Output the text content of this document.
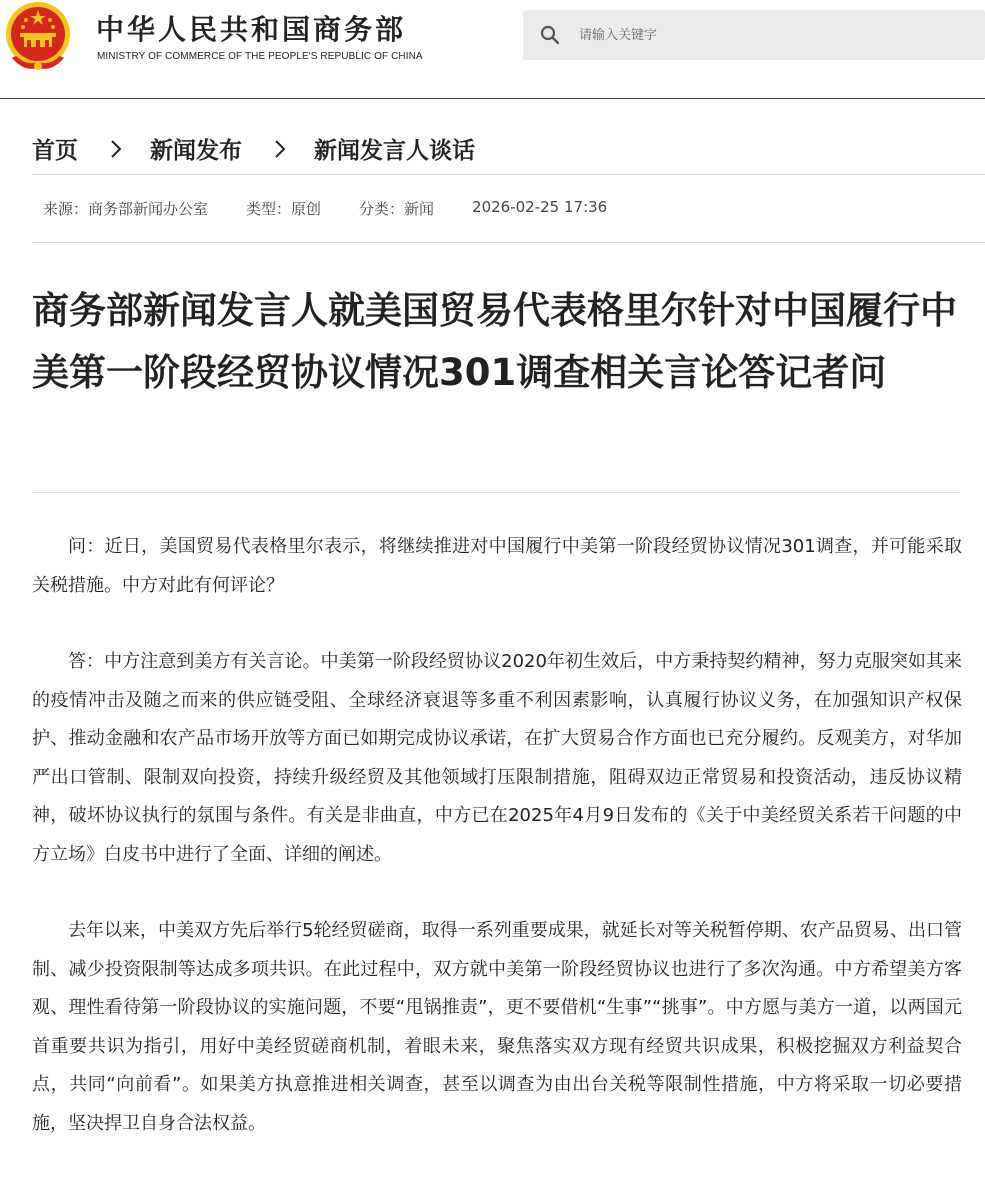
中华人民共和国商务部
MINISTRY OF COMMERCE OF THE PEOPLE'S REPUBLIC OF CHINA
请输入关键字
首页	新闻发布	新闻发言人谈话
来源：商务部新闻办公室	类型：原创	分类：新闻	2026-02-25 17:36
商务部新闻发言人就美国贸易代表格里尔针对中国履行中美第一阶段经贸协议情况301调查相关言论答记者问

问：近日，美国贸易代表格里尔表示，将继续推进对中国履行中美第一阶段经贸协议情况301调查，并可能采取关税措施。中方对此有何评论？

答：中方注意到美方有关言论。中美第一阶段经贸协议2020年初生效后，中方秉持契约精神，努力克服突如其来的疫情冲击及随之而来的供应链受阻、全球经济衰退等多重不利因素影响，认真履行协议义务，在加强知识产权保护、推动金融和农产品市场开放等方面已如期完成协议承诺，在扩大贸易合作方面也已充分履约。反观美方，对华加严出口管制、限制双向投资，持续升级经贸及其他领域打压限制措施，阻碍双边正常贸易和投资活动，违反协议精神，破坏协议执行的氛围与条件。有关是非曲直，中方已在2025年4月9日发布的《关于中美经贸关系若干问题的中方立场》白皮书中进行了全面、详细的阐述。

去年以来，中美双方先后举行5轮经贸磋商，取得一系列重要成果，就延长对等关税暂停期、农产品贸易、出口管制、减少投资限制等达成多项共识。在此过程中，双方就中美第一阶段经贸协议也进行了多次沟通。中方希望美方客观、理性看待第一阶段协议的实施问题，不要“甩锅推责”，更不要借机“生事”“挑事”。中方愿与美方一道，以两国元首重要共识为指引，用好中美经贸磋商机制，着眼未来，聚焦落实双方现有经贸共识成果，积极挖掘双方利益契合点，共同“向前看”。如果美方执意推进相关调查，甚至以调查为由出台关税等限制性措施，中方将采取一切必要措施，坚决捍卫自身合法权益。
